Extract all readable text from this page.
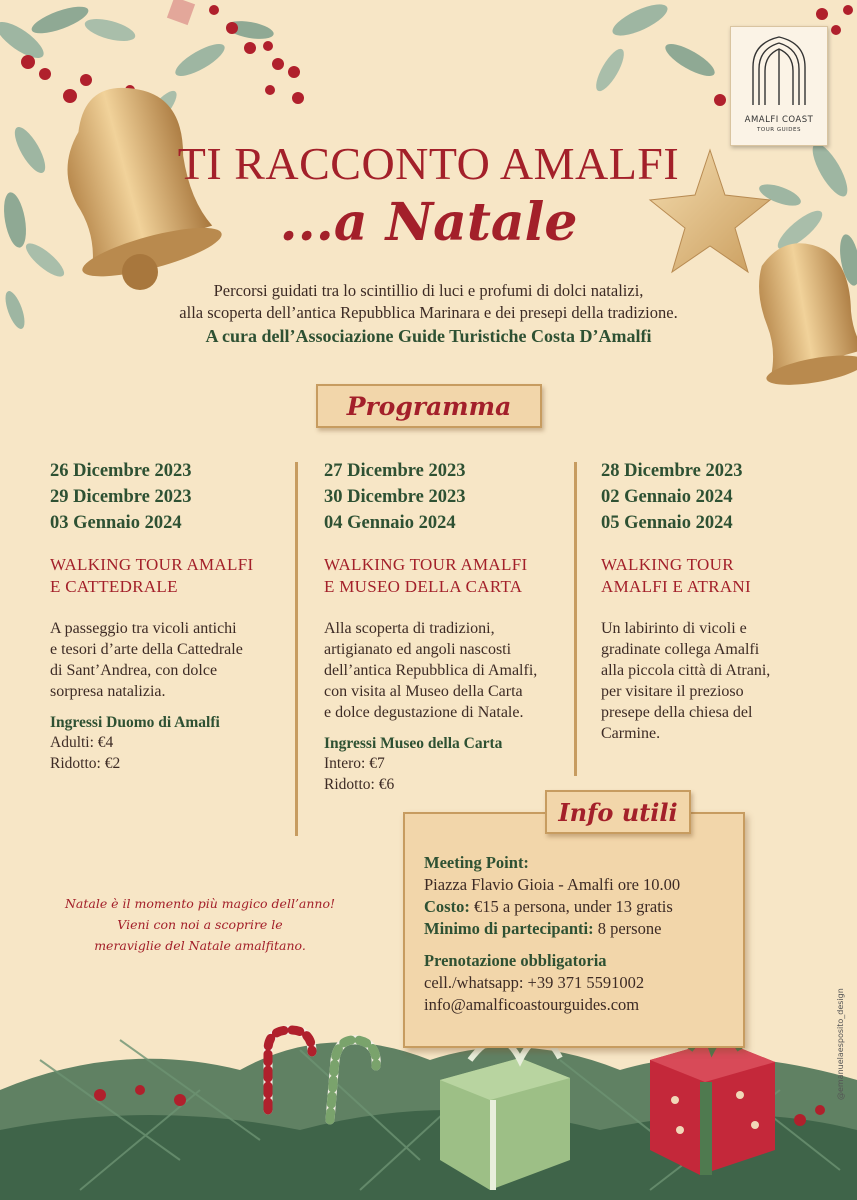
AMALFI COAST
TOUR GUIDES
TI RACCONTO AMALFI
...a Natale
Percorsi guidati tra lo scintillio di luci e profumi di dolci natalizi,
alla scoperta dell’antica Repubblica Marinara e dei presepi della tradizione.
A cura dell’Associazione Guide Turistiche Costa D’Amalfi
Programma
26 Dicembre 2023
29 Dicembre 2023
03 Gennaio 2024
WALKING TOUR AMALFI
E CATTEDRALE
A passeggio tra vicoli antichi
e tesori d’arte della Cattedrale
di Sant’Andrea, con dolce
sorpresa natalizia.
Ingressi Duomo di Amalfi
Adulti: €4
Ridotto: €2
27 Dicembre 2023
30 Dicembre 2023
04 Gennaio 2024
WALKING TOUR AMALFI
E MUSEO DELLA CARTA
Alla scoperta di tradizioni,
artigianato ed angoli nascosti
dell’antica Repubblica di Amalfi,
con visita al Museo della Carta
e dolce degustazione di Natale.
Ingressi Museo della Carta
Intero: €7
Ridotto: €6
28 Dicembre 2023
02 Gennaio 2024
05 Gennaio 2024
WALKING TOUR
AMALFI E ATRANI
Un labirinto di vicoli e
gradinate collega Amalfi
alla piccola città di Atrani,
per visitare il prezioso
presepe della chiesa del
Carmine.
Info utili
Meeting Point:
Piazza Flavio Gioia - Amalfi ore 10.00
Costo: €15 a persona, under 13 gratis
Minimo di partecipanti: 8 persone
Prenotazione obbligatoria
cell./whatsapp: +39 371 5591002
info@amalficoastourguides.com
Natale è il momento più magico dell’anno!
Vieni con noi a scoprire le
meraviglie del Natale amalfitano.
@emanuelaesposito_design
